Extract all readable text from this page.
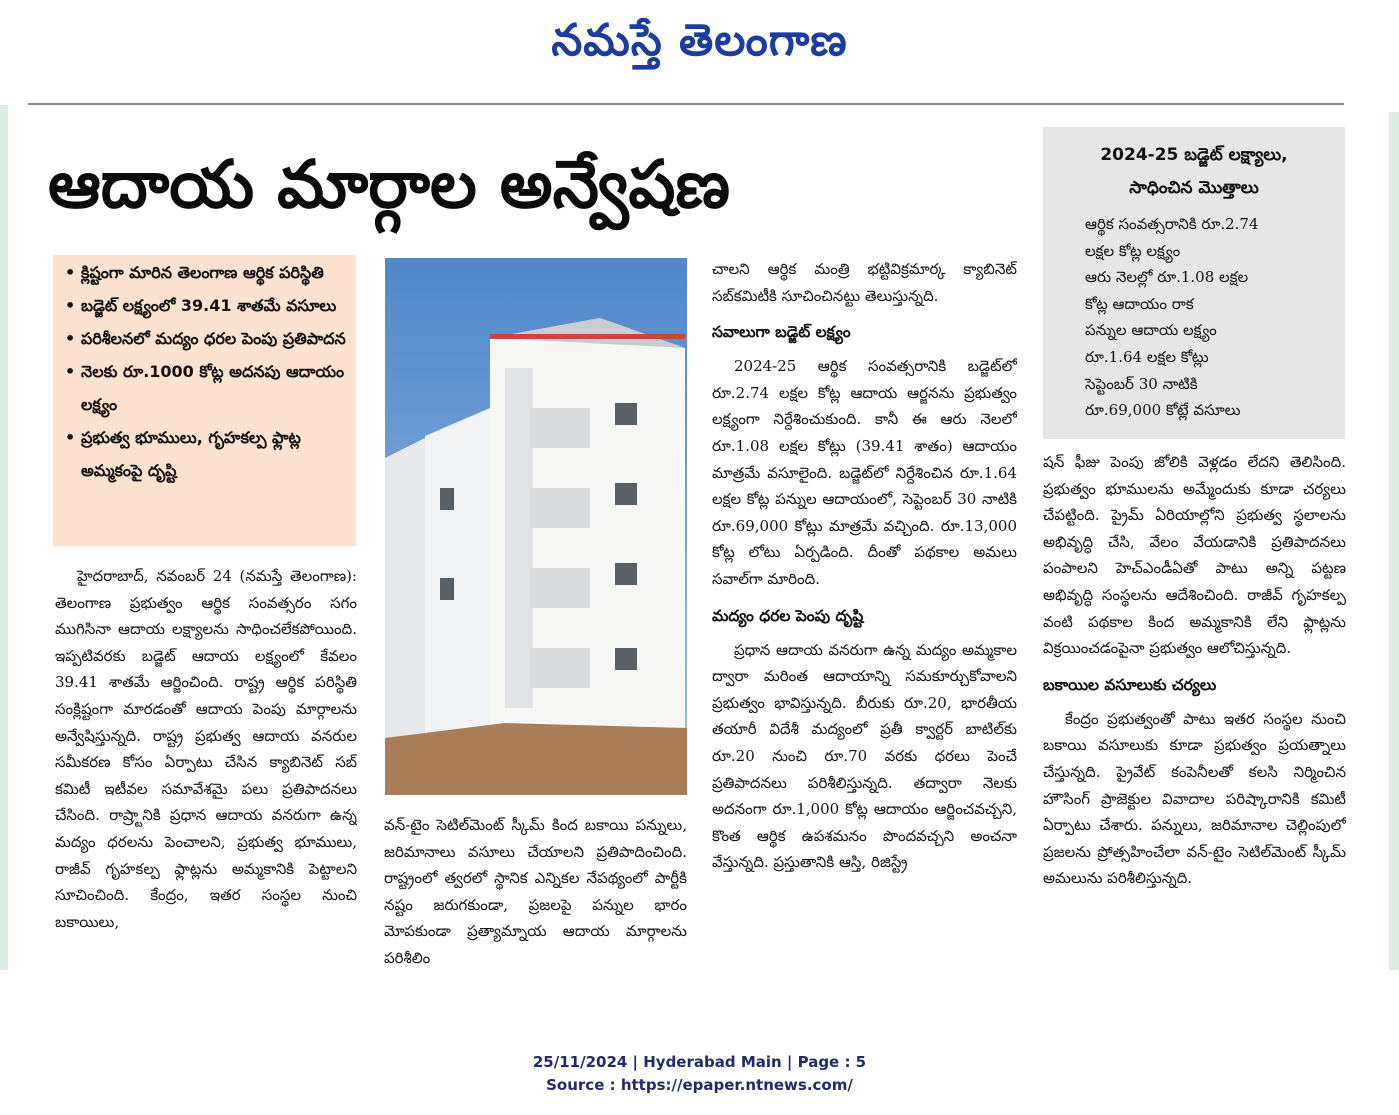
నమస్తే తెలంగాణ
ఆదాయ మార్గాల అన్వేషణ
• క్లిష్టంగా మారిన తెలంగాణ ఆర్థిక పరిస్థితి
• బడ్జెట్ లక్ష్యంలో 39.41 శాతమే వసూలు
• పరిశీలనలో మద్యం ధరల పెంపు ప్రతిపాదన
• నెలకు రూ.1000 కోట్ల అదనపు ఆదాయం లక్ష్యం
• ప్రభుత్వ భూములు, గృహకల్ప ఫ్లాట్ల అమ్మకంపై దృష్టి

హైదరాబాద్, నవంబర్ 24 (నమస్తే తెలంగాణ): తెలంగాణ ప్రభుత్వం ఆర్థిక సంవత్సరం సగం ముగిసినా ఆదాయ లక్ష్యాలను సాధించలేకపోయింది. ఇప్పటివరకు బడ్జెట్ ఆదాయ లక్ష్యంలో కేవలం 39.41 శాతమే ఆర్జించింది. రాష్ట్ర ఆర్థిక పరిస్థితి సంక్లిష్టంగా మారడంతో ఆదాయ పెంపు మార్గాలను అన్వేషిస్తున్నది. రాష్ట్ర ప్రభుత్వ ఆదాయ వనరుల సమీకరణ కోసం ఏర్పాటు చేసిన క్యాబినెట్ సబ్ కమిటీ ఇటీవల సమావేశమై పలు ప్రతిపాదనలు చేసింది. రాష్ర్టానికి ప్రధాన ఆదాయ వనరుగా ఉన్న మద్యం ధరలను పెంచాలని, ప్రభుత్వ భూములు, రాజీవ్ గృహకల్ప ఫ్లాట్లను అమ్మకానికి పెట్టాలని సూచించింది. కేంద్రం, ఇతర సంస్థల నుంచి బకాయిలు,

వన్-టైం సెటిల్‌మెంట్ స్కీమ్ కింద బకాయి పన్నులు, జరిమానాలు వసూలు చేయాలని ప్రతిపాదించింది. రాష్ట్రంలో త్వరలో స్థానిక ఎన్నికల నేపథ్యంలో పార్టీకి నష్టం జరుగకుండా, ప్రజలపై పన్నుల భారం మోపకుండా ప్రత్యామ్నాయ ఆదాయ మార్గాలను పరిశీలిం

చాలని ఆర్థిక మంత్రి భట్టివిక్రమార్క క్యాబినెట్ సబ్‌కమిటీకి సూచించినట్టు తెలుస్తున్నది.

సవాలుగా బడ్జెట్ లక్ష్యం

2024-25 ఆర్థిక సంవత్సరానికి బడ్జెట్‌లో రూ.2.74 లక్షల కోట్ల ఆదాయ ఆర్జనను ప్రభుత్వం లక్ష్యంగా నిర్దేశించుకుంది. కానీ ఈ ఆరు నెలలో రూ.1.08 లక్షల కోట్లు (39.41 శాతం) ఆదాయం మాత్రమే వసూలైంది. బడ్జెట్‌లో నిర్దేశించిన రూ.1.64 లక్షల కోట్ల పన్నుల ఆదాయంలో, సెప్టెంబర్ 30 నాటికి రూ.69,000 కోట్లు మాత్రమే వచ్చింది. రూ.13,000 కోట్ల లోటు ఏర్పడింది. దీంతో పథకాల అమలు సవాల్‌గా మారింది.

మద్యం ధరల పెంపు దృష్టి

ప్రధాన ఆదాయ వనరుగా ఉన్న మద్యం అమ్మకాల ద్వారా మరింత ఆదాయాన్ని సమకూర్చుకోవాలని ప్రభుత్వం భావిస్తున్నది. బీరుకు రూ.20, భారతీయ తయారీ విదేశీ మద్యంలో ప్రతీ క్వార్టర్ బాటిల్‌కు రూ.20 నుంచి రూ.70 వరకు ధరలు పెంచే ప్రతిపాదనలు పరిశీలిస్తున్నది. తద్వారా నెలకు అదనంగా రూ.1,000 కోట్ల ఆదాయం ఆర్జించవచ్చని, కొంత ఆర్థిక ఉపశమనం పొందవచ్చని అంచనా వేస్తున్నది. ప్రస్తుతానికి ఆస్తి, రిజిస్ట్రే

2024-25 బడ్జెట్ లక్ష్యాలు,
సాధించిన మొత్తాలు
ఆర్థిక సంవత్సరానికి రూ.2.74
లక్షల కోట్ల లక్ష్యం
ఆరు నెలల్లో రూ.1.08 లక్షల
కోట్ల ఆదాయం రాక
పన్నుల ఆదాయ లక్ష్యం
రూ.1.64 లక్షల కోట్లు
సెప్టెంబర్ 30 నాటికి
రూ.69,000 కోట్లే వసూలు

షన్ ఫీజు పెంపు జోలికి వెళ్లడం లేదని తెలిసింది. ప్రభుత్వం భూములను అమ్మేందుకు కూడా చర్యలు చేపట్టింది. ప్రైమ్ ఏరియాల్లోని ప్రభుత్వ స్థలాలను అభివృద్ధి చేసి, వేలం వేయడానికి ప్రతిపాదనలు పంపాలని హెచ్‌ఎండీఏతో పాటు అన్ని పట్టణ అభివృద్ధి సంస్థలను ఆదేశించింది. రాజీవ్ గృహకల్ప వంటి పథకాల కింద అమ్మకానికి లేని ఫ్లాట్లను విక్రయించడంపైనా ప్రభుత్వం ఆలోచిస్తున్నది.

బకాయిల వసూలుకు చర్యలు

కేంద్రం ప్రభుత్వంతో పాటు ఇతర సంస్థల నుంచి బకాయి వసూలుకు కూడా ప్రభుత్వం ప్రయత్నాలు చేస్తున్నది. ప్రైవేట్ కంపెనీలతో కలసి నిర్మించిన హౌసింగ్ ప్రాజెక్టుల వివాదాల పరిష్కారానికి కమిటీ ఏర్పాటు చేశారు. పన్నులు, జరిమానాల చెల్లింపులో ప్రజలను ప్రోత్సహించేలా వన్-టైం సెటిల్‌మెంట్ స్కీమ్ అమలును పరిశీలిస్తున్నది.

25/11/2024 | Hyderabad Main | Page : 5
Source : https://epaper.ntnews.com/
